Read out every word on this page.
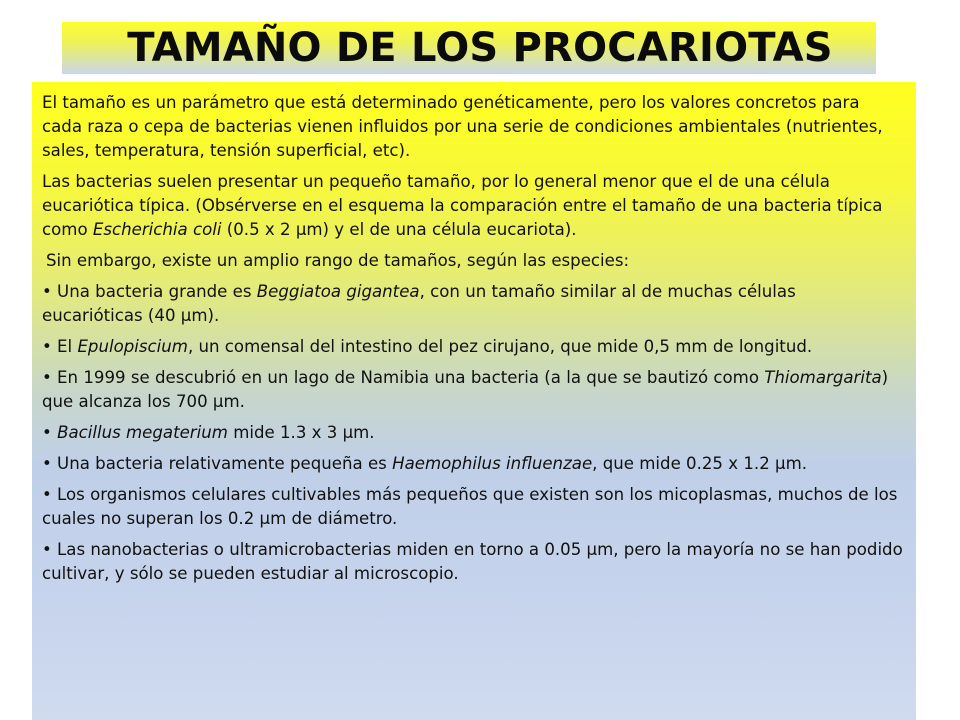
TAMAÑO DE LOS PROCARIOTAS

El tamaño es un parámetro que está determinado genéticamente, pero los valores concretos para cada raza o cepa de bacterias vienen influidos por una serie de condiciones ambientales (nutrientes, sales, temperatura, tensión superficial, etc).

Las bacterias suelen presentar un pequeño tamaño, por lo general menor que el de una célula eucariótica típica. (Obsérverse en el esquema la comparación entre el tamaño de una bacteria típica como Escherichia coli (0.5 x 2 μm) y el de una célula eucariota).

Sin embargo, existe un amplio rango de tamaños, según las especies:

• Una bacteria grande es Beggiatoa gigantea, con un tamaño similar al de muchas célulaseucarióticas (40 μm).

• El Epulopiscium, un comensal del intestino del pez cirujano, que mide 0,5 mm de longitud.

• En 1999 se descubrió en un lago de Namibia una bacteria (a la que se bautizó como Thiomargarita) que alcanza los 700 μm.

• Bacillus megaterium mide 1.3 x 3 μm.

• Una bacteria relativamente pequeña es Haemophilus influenzae, que mide 0.25 x 1.2 μm.

• Los organismos celulares cultivables más pequeños que existen son los micoplasmas, muchos de los cuales no superan los 0.2 μm de diámetro.

• Las nanobacterias o ultramicrobacterias miden en torno a 0.05 μm, pero la mayoría no se han podido cultivar, y sólo se pueden estudiar al microscopio.
